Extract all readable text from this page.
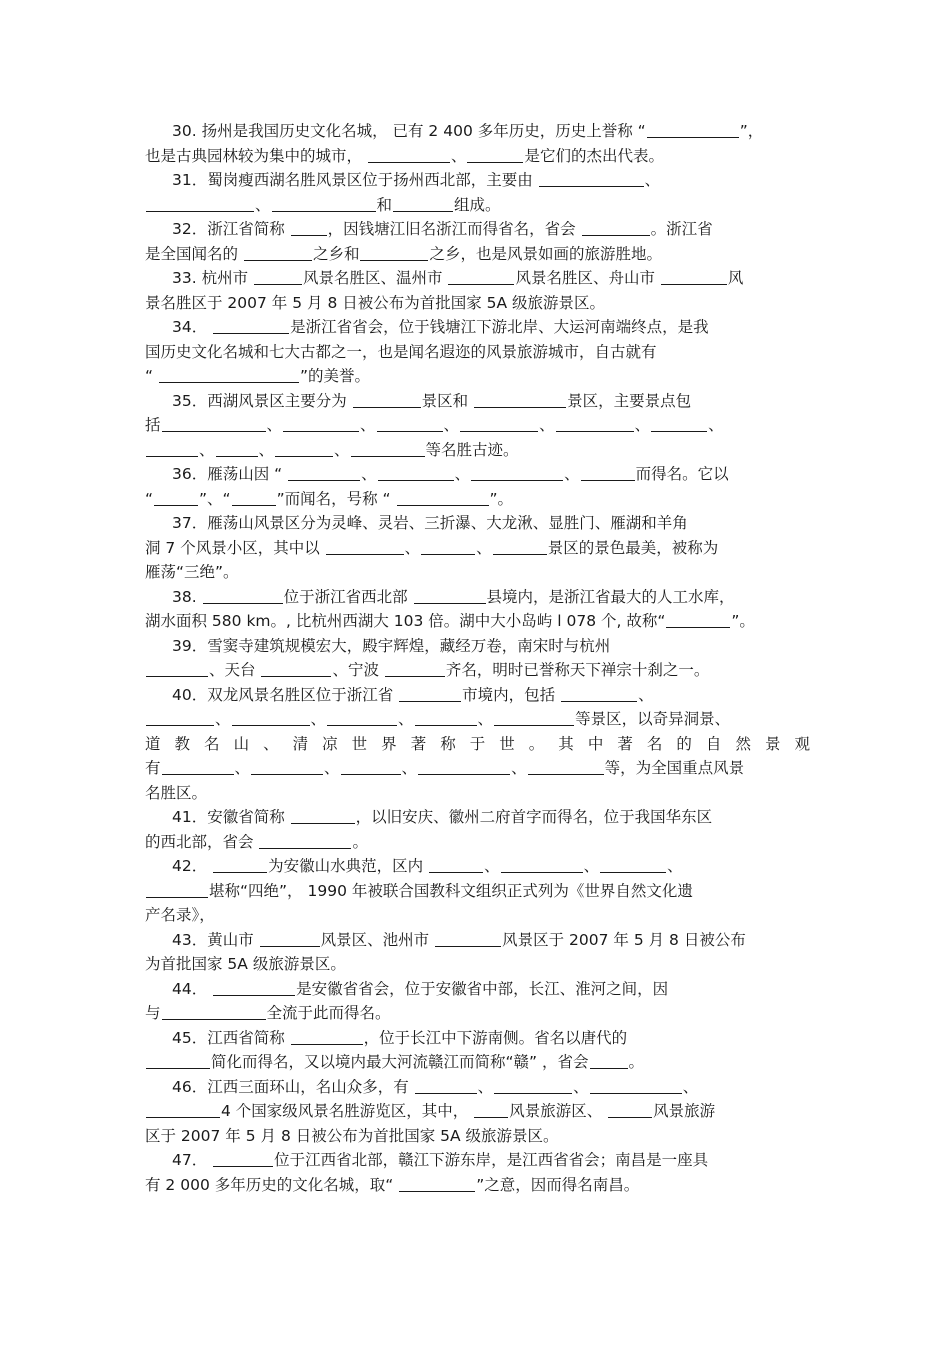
30. 扬州是我国历史文化名城， 已有 2 400 多年历史，历史上誉称 “	”，
也是古典园林较为集中的城市，	、	是它们的杰出代表。
31．蜀岗瘦西湖名胜风景区位于扬州西北部，主要由	、
、	和	组成。
32．浙江省简称 ，因钱塘江旧名浙江而得省名，省会	。浙江省
是全国闻名的	之乡和	之乡，也是风景如画的旅游胜地。
33. 杭州市	风景名胜区、温州市	风景名胜区、舟山市	风
景名胜区于 2007 年 5 月 8 日被公布为首批国家 5A 级旅游景区。
34．	是浙江省省会，位于钱塘江下游北岸、大运河南端终点，是我
国历史文化名城和七大古都之一，也是闻名遐迩的风景旅游城市，自古就有
“	”的美誉。
35．西湖风景区主要分为	景区和	景区，主要景点包
括	、	、	、	、	、	、
、	、	、	等名胜古迹。
36．雁荡山因 “	、	、	、	而得名。它以
“	”、“	”而闻名，号称 “	”。
37．雁荡山风景区分为灵峰、灵岩、三折瀑、大龙湫、显胜门、雁湖和羊角
洞 7 个风景小区，其中以	、	、	景区的景色最美，被称为
雁荡“三绝”。
38.	位于浙江省西北部	县境内，是浙江省最大的人工水库，
湖水面积 580 km。, 比杭州西湖大 103 倍。湖中大小岛屿 l 078 个, 故称“	”。
39．雪窦寺建筑规模宏大，殿宇辉煌，藏经万卷，南宋时与杭州
、天台	、宁波	齐名，明时已誉称天下禅宗十刹之一。
40．双龙风景名胜区位于浙江省	市境内，包括	、
、	、	、	、	等景区，以奇异洞景、
道 教 名 山 、 清 凉 世 界 著 称 于 世 。 其 中 著 名 的 自 然 景 观
有	、	、	、	、	等，为全国重点风景
名胜区。
41．安徽省简称	，以旧安庆、徽州二府首字而得名，位于我国华东区
的西北部，省会	。
42．	为安徽山水典范，区内	、	、	、
堪称“四绝”， 1990 年被联合国教科文组织正式列为《世界自然文化遗
产名录》，
43．黄山市	风景区、池州市	风景区于 2007 年 5 月 8 日被公布
为首批国家 5A 级旅游景区。
44．	是安徽省省会，位于安徽省中部，长江、淮河之间，因
与	全流于此而得名。
45．江西省简称	，位于长江中下游南侧。省名以唐代的
简化而得名，又以境内最大河流赣江而简称“赣” ，省会	。
46．江西三面环山，名山众多，有	、	、	、
4 个国家级风景名胜游览区，其中， 风景旅游区、	风景旅游
区于 2007 年 5 月 8 日被公布为首批国家 5A 级旅游景区。
47．	位于江西省北部，赣江下游东岸，是江西省省会；南昌是一座具
有 2 000 多年历史的文化名城，取“	”之意，因而得名南昌。
